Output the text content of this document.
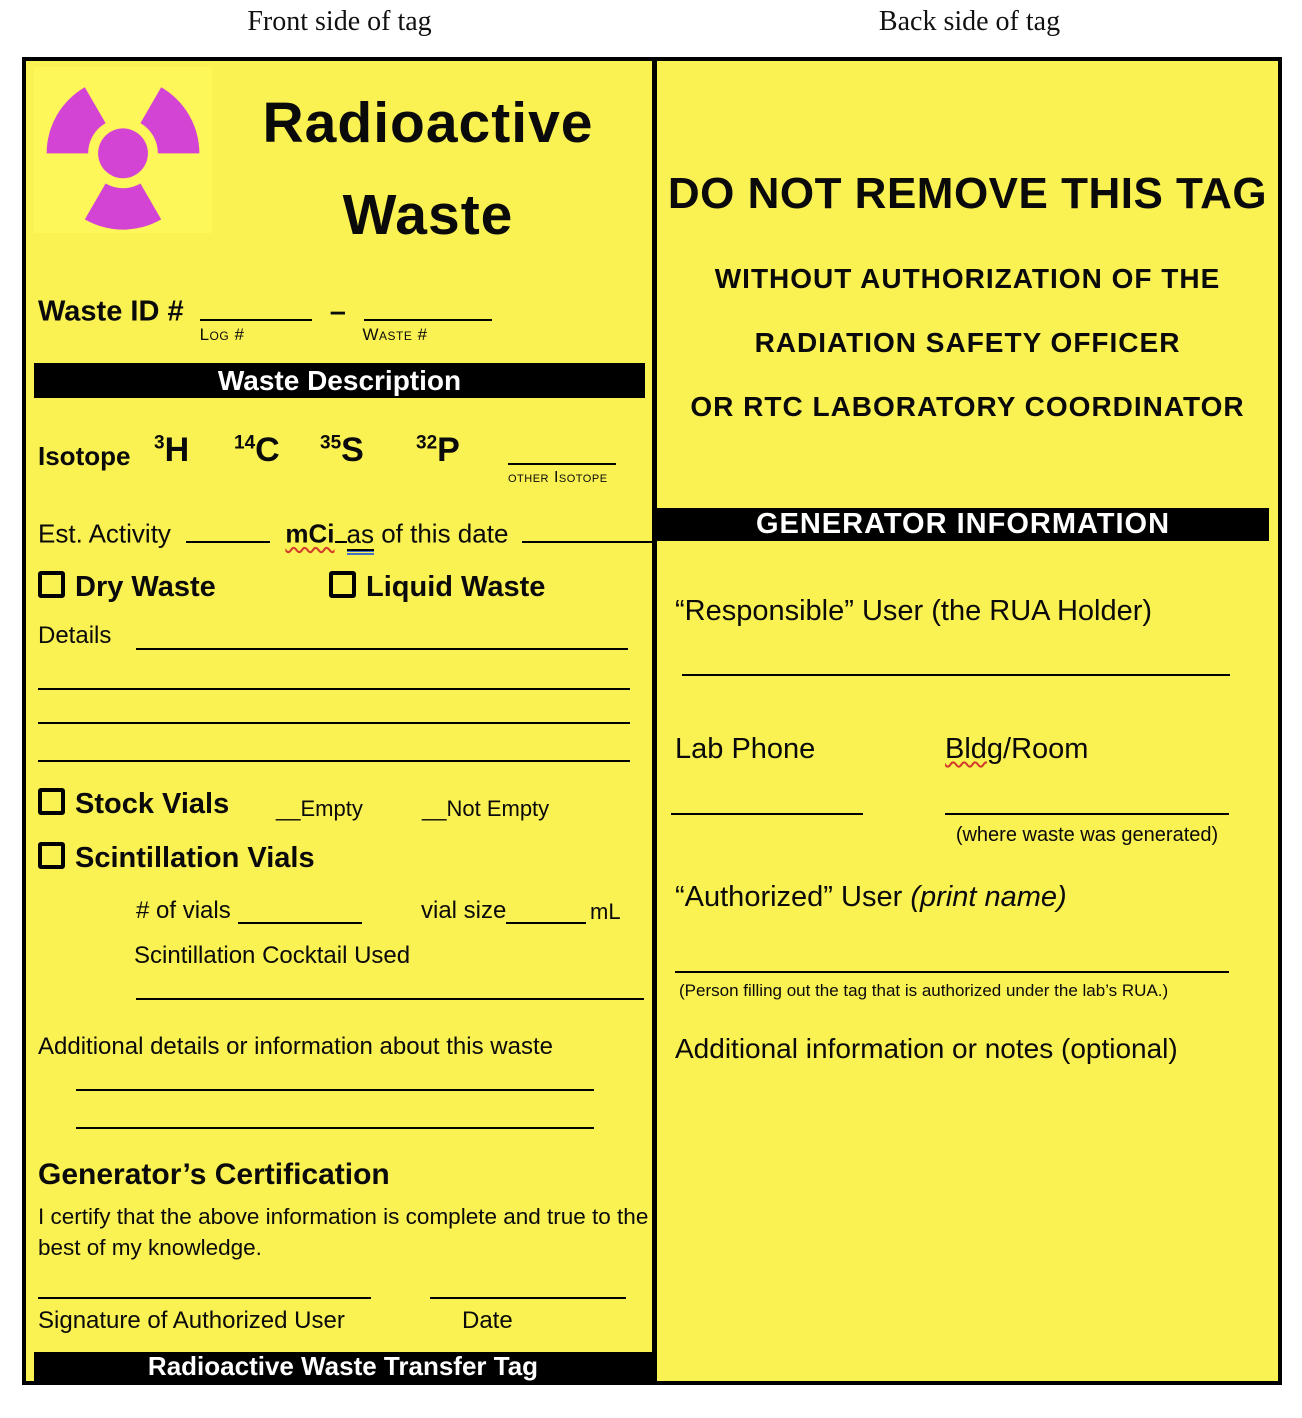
Front side of tag	Back side of tag
Radioactive
Waste
Waste ID #	–
Log #	Waste #
Waste Description
Isotope $^3$H $^{14}$C $^{35}$S	$^{32}$P
other Isotope
Est. Activity	mCi as of this date
Dry Waste	Liquid Waste
Details
Stock Vials __Empty	__Not Empty
Scintillation Vials
# of vials	vial size	mL
Scintillation Cocktail Used
Additional details or information about this waste
Generator’s Certification
I certify that the above information is complete and true to the best of my knowledge.
Signature of Authorized User	Date
Radioactive Waste Transfer Tag
DO NOT REMOVE THIS TAG
WITHOUT AUTHORIZATION OF THE
RADIATION SAFETY OFFICER
OR RTC LABORATORY COORDINATOR
GENERATOR INFORMATION
“Responsible” User (the RUA Holder)
Lab Phone	Bldg/Room
(where waste was generated)
“Authorized” User (print name)
(Person filling out the tag that is authorized under the lab’s RUA.)
Additional information or notes (optional)
